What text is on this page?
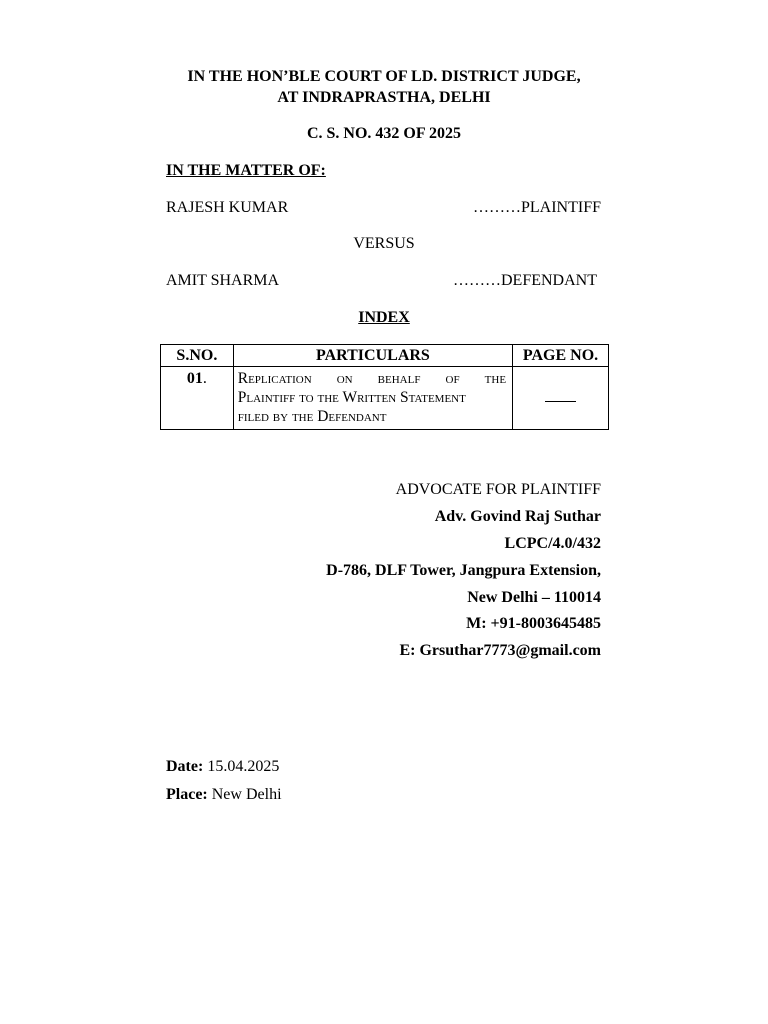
IN THE HON’BLE COURT OF LD. DISTRICT JUDGE,
AT INDRAPRASTHA, DELHI
C. S. NO. 432 OF 2025
IN THE MATTER OF:
RAJESH KUMAR	………PLAINTIFF
VERSUS
AMIT SHARMA	………DEFENDANT
INDEX
S.NO.	PARTICULARS	PAGE NO.
01.	Replication on behalf of the
Plaintiff to the Written Statement
filed by the Defendant	

ADVOCATE FOR PLAINTIFF
Adv. Govind Raj Suthar
LCPC/4.0/432
D-786, DLF Tower, Jangpura Extension,
New Delhi – 110014
M: +91-8003645485
E: Grsuthar7773@gmail.com
Date: 15.04.2025
Place: New Delhi
